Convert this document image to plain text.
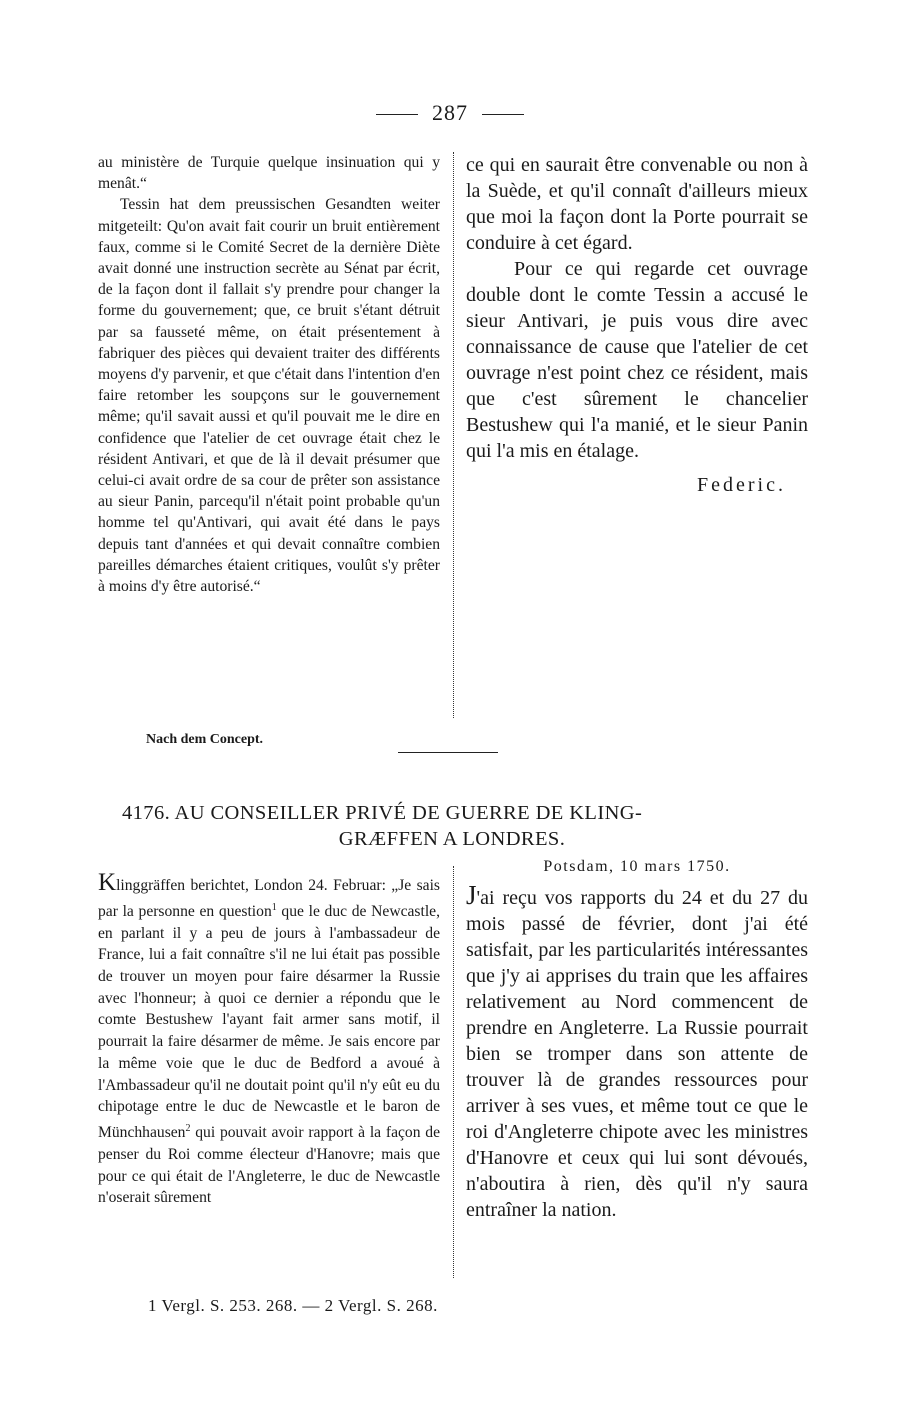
287

au ministère de Turquie quelque insinuation qui y menât.“

Tessin hat dem preussischen Gesandten weiter mitgeteilt: Qu'on avait fait courir un bruit entièrement faux, comme si le Comité Secret de la dernière Diète avait donné une instruction secrète au Sénat par écrit, de la façon dont il fallait s'y prendre pour changer la forme du gouvernement; que, ce bruit s'étant détruit par sa fausseté même, on était présentement à fabriquer des pièces qui devaient traiter des différents moyens d'y parvenir, et que c'était dans l'intention d'en faire retomber les soupçons sur le gouvernement même; qu'il savait aussi et qu'il pouvait me le dire en confidence que l'atelier de cet ouvrage était chez le résident Antivari, et que de là il devait présumer que celui-ci avait ordre de sa cour de prêter son assistance au sieur Panin, parcequ'il n'était point probable qu'un homme tel qu'Antivari, qui avait été dans le pays depuis tant d'années et qui devait connaître combien pareilles démarches étaient critiques, voulût s'y prêter à moins d'y être autorisé.“

ce qui en saurait être convenable ou non à la Suède, et qu'il connaît d'ailleurs mieux que moi la façon dont la Porte pourrait se conduire à cet égard.

Pour ce qui regarde cet ouvrage double dont le comte Tessin a accusé le sieur Antivari, je puis vous dire avec connaissance de cause que l'atelier de cet ouvrage n'est point chez ce résident, mais que c'est sûrement le chancelier Bestushew qui l'a manié, et le sieur Panin qui l'a mis en étalage.

Federic.

Nach dem Concept.
4176. AU CONSEILLER PRIVÉ DE GUERRE DE KLING-
GRÆFFEN A LONDRES.

Klinggräffen berichtet, London 24. Februar: „Je sais par la personne en question$^1$ que le duc de Newcastle, en parlant il y a peu de jours à l'ambassadeur de France, lui a fait connaître s'il ne lui était pas possible de trouver un moyen pour faire désarmer la Russie avec l'honneur; à quoi ce dernier a répondu que le comte Bestushew l'ayant fait armer sans motif, il pourrait la faire désarmer de même. Je sais encore par la même voie que le duc de Bedford a avoué à l'Ambassadeur qu'il ne doutait point qu'il n'y eût eu du chipotage entre le duc de Newcastle et le baron de Münchhausen$^2$ qui pouvait avoir rapport à la façon de penser du Roi comme électeur d'Hanovre; mais que pour ce qui était de l'Angleterre, le duc de Newcastle n'oserait sûrement

Potsdam, 10 mars 1750.

J'ai reçu vos rapports du 24 et du 27 du mois passé de février, dont j'ai été satisfait, par les particularités intéressantes que j'y ai apprises du train que les affaires relativement au Nord commencent de prendre en Angleterre. La Russie pourrait bien se tromper dans son attente de trouver là de grandes ressources pour arriver à ses vues, et même tout ce que le roi d'Angleterre chipote avec les ministres d'Hanovre et ceux qui lui sont dévoués, n'aboutira à rien, dès qu'il n'y saura entraîner la nation.

1 Vergl. S. 253. 268. — 2 Vergl. S. 268.
